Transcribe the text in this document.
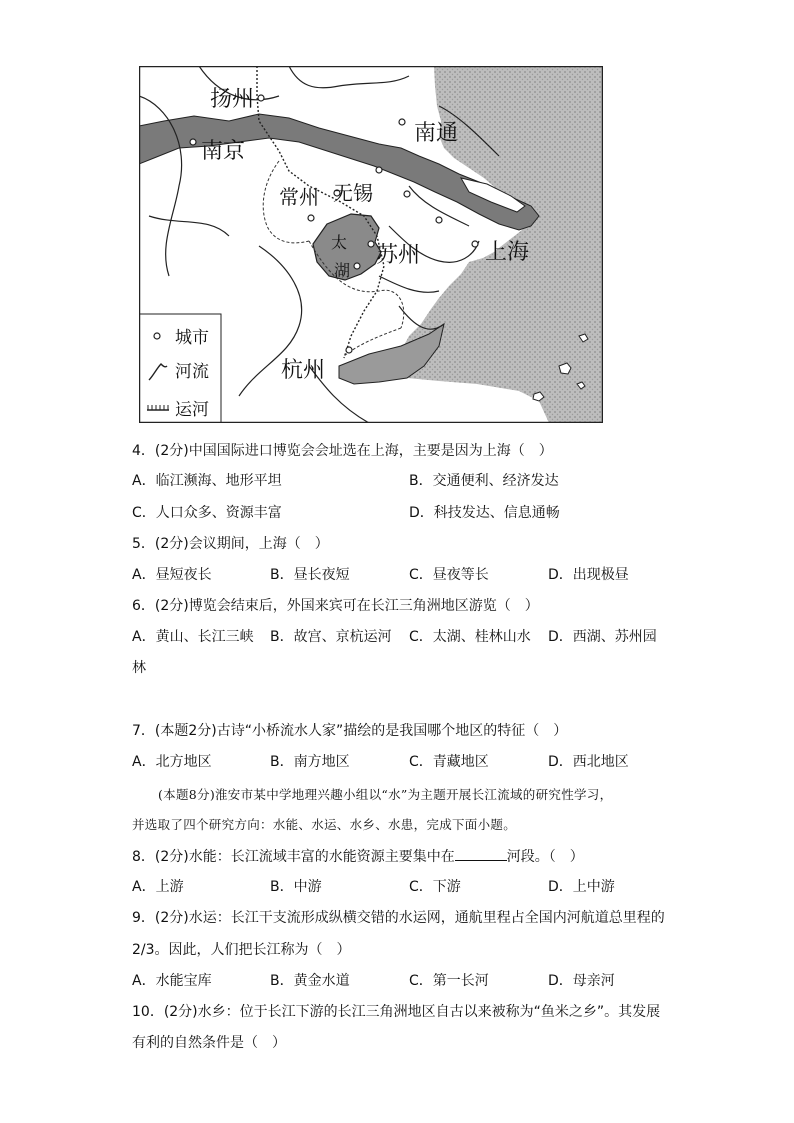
扬州
南京
南通
常州 无锡
苏州	上海
杭州
太
湖
城市
河流
运河
4．(2分)中国国际进口博览会会址选在上海，主要是因为上海（　）
A．临江濒海、地形平坦	B．交通便利、经济发达
C．人口众多、资源丰富	D．科技发达、信息通畅
5．(2分)会议期间，上海（　）
A．昼短夜长	B．昼长夜短	C．昼夜等长	D．出现极昼
6．(2分)博览会结束后，外国来宾可在长江三角洲地区游览（　）
A．黄山、长江三峡 B．故宫、京杭运河 C．太湖、桂林山水 D．西湖、苏州园
林
7．(本题2分)古诗“小桥流水人家”描绘的是我国哪个地区的特征（　）
A．北方地区	B．南方地区	C．青藏地区	D．西北地区
(本题8分)淮安市某中学地理兴趣小组以“水”为主题开展长江流域的研究性学习，
并选取了四个研究方向：水能、水运、水乡、水患，完成下面小题。
8．(2分)水能：长江流域丰富的水能资源主要集中在	河段。（　）
A．上游	B．中游	C．下游	D．上中游
9．(2分)水运：长江干支流形成纵横交错的水运网，通航里程占全国内河航道总里程的
2/3。因此，人们把长江称为（　）
A．水能宝库	B．黄金水道	C．第一长河	D．母亲河
10．(2分)水乡：位于长江下游的长江三角洲地区自古以来被称为“鱼米之乡”。其发展
有利的自然条件是（　）
